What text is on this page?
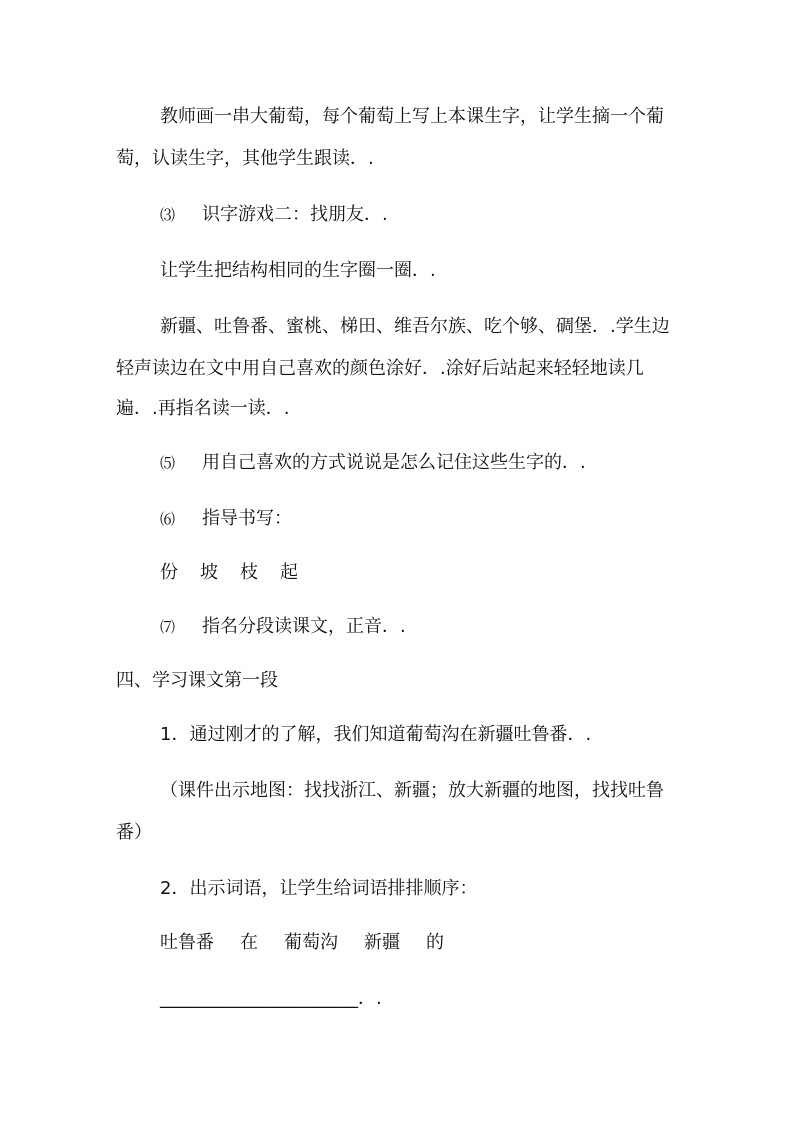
教师画一串大葡萄，每个葡萄上写上本课生字，让学生摘一个葡
萄，认读生字，其他学生跟读．.
⑶ 识字游戏二：找朋友．.
让学生把结构相同的生字圈一圈．.
新疆、吐鲁番、蜜桃、梯田、维吾尔族、吃个够、碉堡．.学生边
轻声读边在文中用自己喜欢的颜色涂好．.涂好后站起来轻轻地读几
遍．.再指名读一读．.
⑸ 用自己喜欢的方式说说是怎么记住这些生字的．.
⑹ 指导书写：
份 坡 枝 起
⑺ 指名分段读课文，正音．.
四、学习课文第一段
1．通过刚才的了解，我们知道葡萄沟在新疆吐鲁番．.
（课件出示地图：找找浙江、新疆；放大新疆的地图，找找吐鲁
番）
2．出示词语，让学生给词语排排顺序：
吐鲁番 在 葡萄沟 新疆 的
______________________．.
